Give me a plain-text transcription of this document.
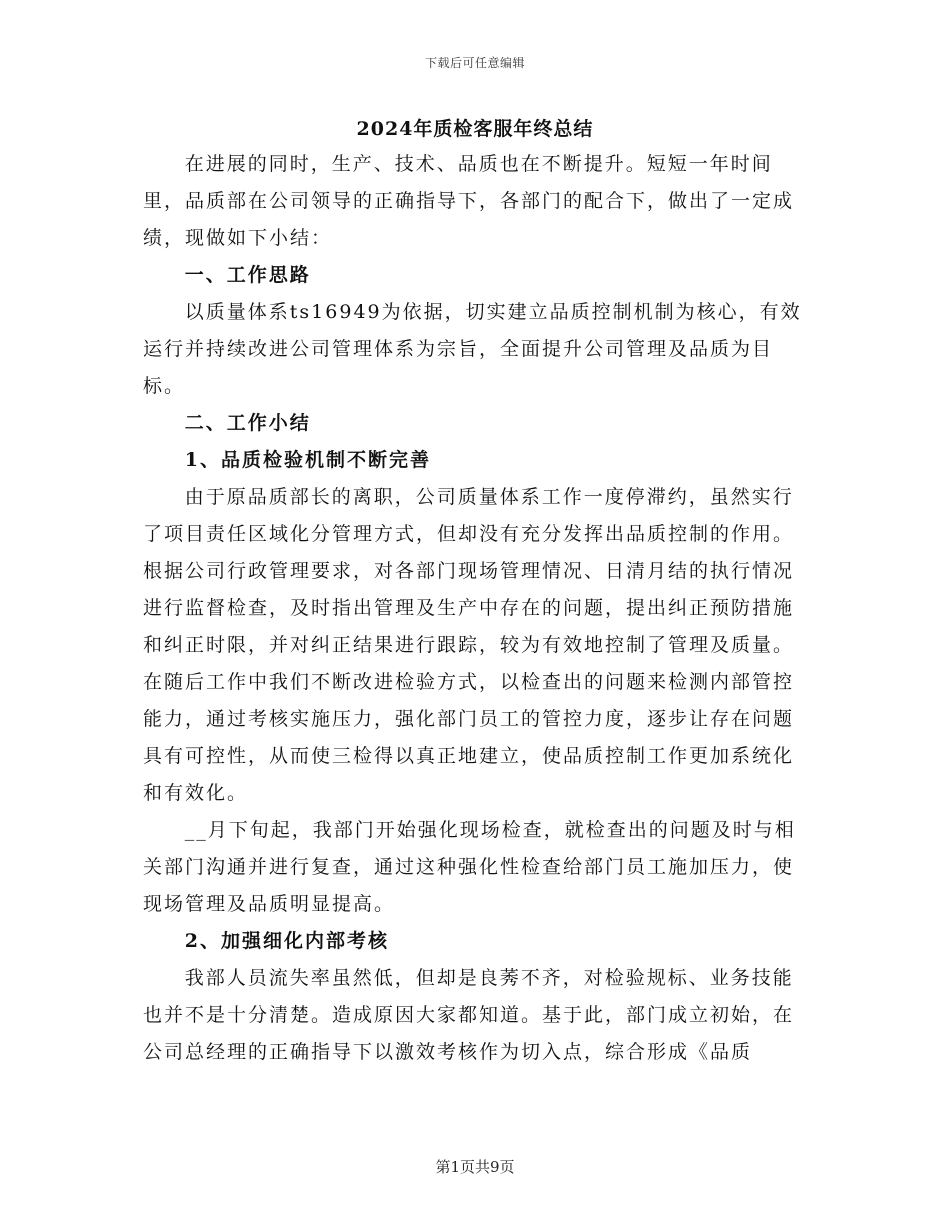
下载后可任意编辑
2024年质检客服年终总结

在进展的同时，生产、技术、品质也在不断提升。短短一年时间里，品质部在公司领导的正确指导下，各部门的配合下，做出了一定成绩，现做如下小结：

一、工作思路

以质量体系ts16949为依据，切实建立品质控制机制为核心，有效运行并持续改进公司管理体系为宗旨，全面提升公司管理及品质为目标。

二、工作小结

1、品质检验机制不断完善

由于原品质部长的离职，公司质量体系工作一度停滞约，虽然实行了项目责任区域化分管理方式，但却没有充分发挥出品质控制的作用。根据公司行政管理要求，对各部门现场管理情况、日清月结的执行情况进行监督检查，及时指出管理及生产中存在的问题，提出纠正预防措施和纠正时限，并对纠正结果进行跟踪，较为有效地控制了管理及质量。在随后工作中我们不断改进检验方式，以检查出的问题来检测内部管控能力，通过考核实施压力，强化部门员工的管控力度，逐步让存在问题具有可控性，从而使三检得以真正地建立，使品质控制工作更加系统化和有效化。

__月下旬起，我部门开始强化现场检查，就检查出的问题及时与相关部门沟通并进行复查，通过这种强化性检查给部门员工施加压力，使现场管理及品质明显提高。

2、加强细化内部考核

我部人员流失率虽然低，但却是良莠不齐，对检验规标、业务技能也并不是十分清楚。造成原因大家都知道。基于此，部门成立初始，在公司总经理的正确指导下以激效考核作为切入点，综合形成《品质

第1页共9页
